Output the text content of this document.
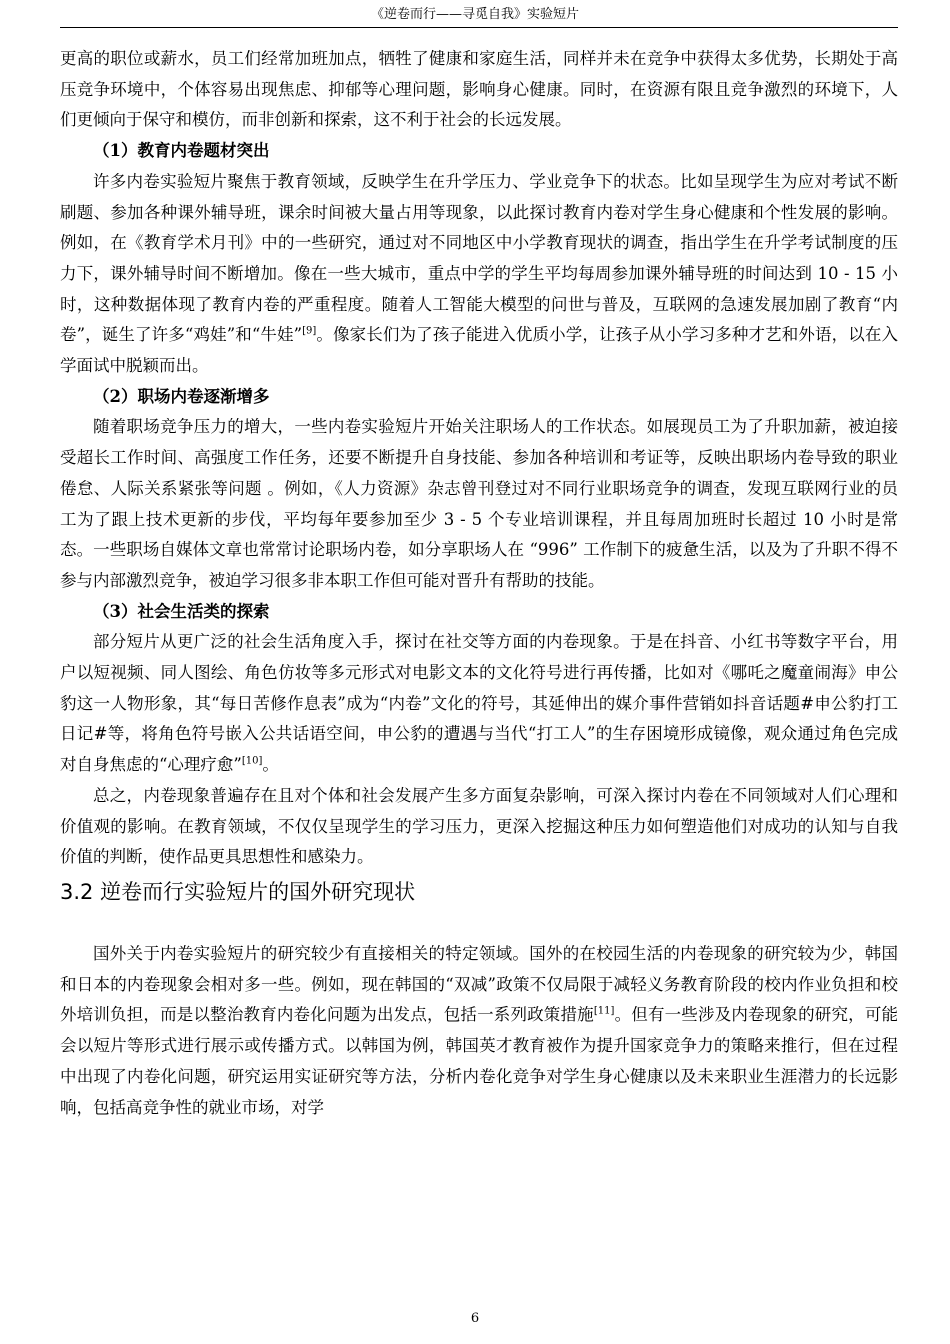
《逆卷而行——寻觅自我》实验短片

更高的职位或薪水，员工们经常加班加点，牺牲了健康和家庭生活，同样并未在竞争中获得太多优势，长期处于高压竞争环境中，个体容易出现焦虑、抑郁等心理问题，影响身心健康。同时，在资源有限且竞争激烈的环境下，人们更倾向于保守和模仿，而非创新和探索，这不利于社会的长远发展。

（1）教育内卷题材突出

许多内卷实验短片聚焦于教育领域，反映学生在升学压力、学业竞争下的状态。比如呈现学生为应对考试不断刷题、参加各种课外辅导班，课余时间被大量占用等现象，以此探讨教育内卷对学生身心健康和个性发展的影响。例如，在《教育学术月刊》中的一些研究，通过对不同地区中小学教育现状的调查，指出学生在升学考试制度的压力下，课外辅导时间不断增加。像在一些大城市，重点中学的学生平均每周参加课外辅导班的时间达到 10 - 15 小时，这种数据体现了教育内卷的严重程度。随着人工智能大模型的问世与普及，互联网的急速发展加剧了教育“内卷”，诞生了许多“鸡娃”和“牛娃”[9]。像家长们为了孩子能进入优质小学，让孩子从小学习多种才艺和外语，以在入学面试中脱颖而出。

（2）职场内卷逐渐增多

随着职场竞争压力的增大，一些内卷实验短片开始关注职场人的工作状态。如展现员工为了升职加薪，被迫接受超长工作时间、高强度工作任务，还要不断提升自身技能、参加各种培训和考证等，反映出职场内卷导致的职业倦怠、人际关系紧张等问题 。例如，《人力资源》杂志曾刊登过对不同行业职场竞争的调查，发现互联网行业的员工为了跟上技术更新的步伐，平均每年要参加至少 3 - 5 个专业培训课程，并且每周加班时长超过 10 小时是常态。一些职场自媒体文章也常常讨论职场内卷，如分享职场人在 “996” 工作制下的疲惫生活，以及为了升职不得不参与内部激烈竞争，被迫学习很多非本职工作但可能对晋升有帮助的技能。

（3）社会生活类的探索

部分短片从更广泛的社会生活角度入手，探讨在社交等方面的内卷现象。于是在抖音、小红书等数字平台，用户以短视频、同人图绘、角色仿妆等多元形式对电影文本的文化符号进行再传播，比如对《哪吒之魔童闹海》申公豹这一人物形象，其“每日苦修作息表”成为“内卷”文化的符号，其延伸出的媒介事件营销如抖音话题#申公豹打工日记#等，将角色符号嵌入公共话语空间，申公豹的遭遇与当代“打工人”的生存困境形成镜像，观众通过角色完成对自身焦虑的“心理疗愈”[10]。

总之，内卷现象普遍存在且对个体和社会发展产生多方面复杂影响，可深入探讨内卷在不同领域对人们心理和价值观的影响。在教育领域，不仅仅呈现学生的学习压力，更深入挖掘这种压力如何塑造他们对成功的认知与自我价值的判断，使作品更具思想性和感染力。

3.2 逆卷而行实验短片的国外研究现状

国外关于内卷实验短片的研究较少有直接相关的特定领域。国外的在校园生活的内卷现象的研究较为少，韩国和日本的内卷现象会相对多一些。例如，现在韩国的“双减”政策不仅局限于减轻义务教育阶段的校内作业负担和校外培训负担，而是以整治教育内卷化问题为出发点，包括一系列政策措施[11]。但有一些涉及内卷现象的研究，可能会以短片等形式进行展示或传播方式。以韩国为例，韩国英才教育被作为提升国家竞争力的策略来推行，但在过程中出现了内卷化问题，研究运用实证研究等方法，分析内卷化竞争对学生身心健康以及未来职业生涯潜力的长远影响，包括高竞争性的就业市场，对学

6
